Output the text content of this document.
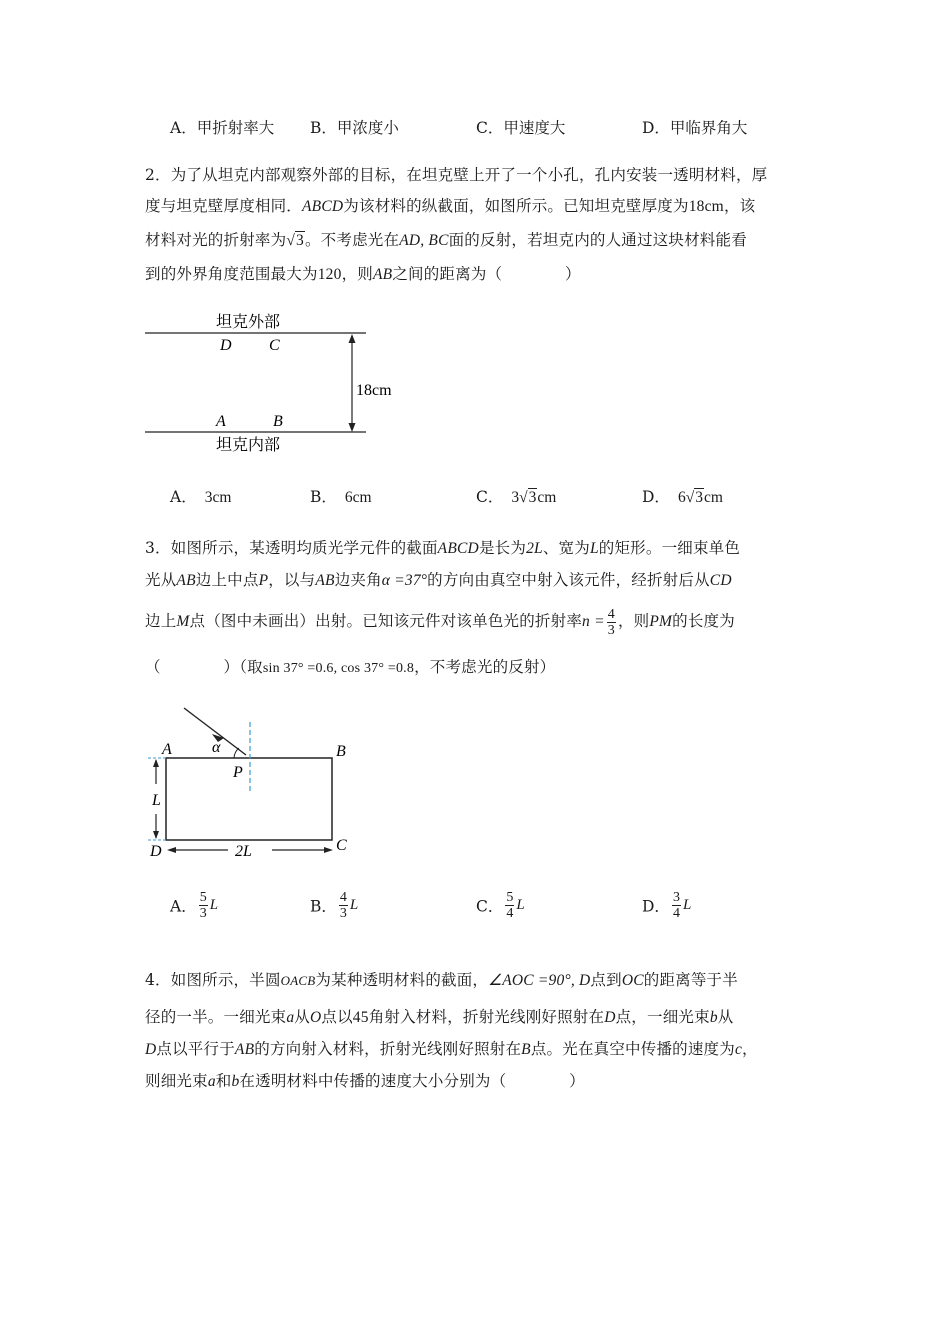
A．甲折射率大 B．甲浓度小	C．甲速度大	D．甲临界角大
2．为了从坦克内部观察外部的目标，在坦克壁上开了一个小孔，孔内安装一透明材料，厚
度与坦克壁厚度相同．ABCD为该材料的纵截面，如图所示。已知坦克壁厚度为18cm，该
材料对光的折射率为√3。不考虑光在AD, BC面的反射，若坦克内的人通过这块材料能看
到的外界角度范围最大为120，则AB之间的距离为（　　　　）
坦克外部
坦克内部
D C
A	B
18cm
A． 3cm	B． 6cm	C． 3√3cm	D． 6√3cm
3．如图所示，某透明均质光学元件的截面ABCD是长为2L、宽为L的矩形。一细束单色
光从AB边上中点P，以与AB边夹角α =37°的方向由真空中射入该元件，经折射后从CD
边上M点（图中未画出）出射。已知该元件对该单色光的折射率$n = \frac{4}{3}$ ，则PM的长度为
（　　　　）（取sin 37° =0.6, cos 37° =0.8，不考虑光的反射）
A	B
C
D
P
α
L
2L
A． $\frac{5}{3}$ L	B． $\frac{4}{3}$ L	C． $\frac{5}{4}$ L	D． $\frac{3}{4}$ L
4．如图所示，半圆OACB为某种透明材料的截面，∠AOC =90°, D点到OC的距离等于半
径的一半。一细光束a从O点以45角射入材料，折射光线刚好照射在D点，一细光束b从
D点以平行于AB的方向射入材料，折射光线刚好照射在B点。光在真空中传播的速度为c，
则细光束a和b在透明材料中传播的速度大小分别为（　　　　）
